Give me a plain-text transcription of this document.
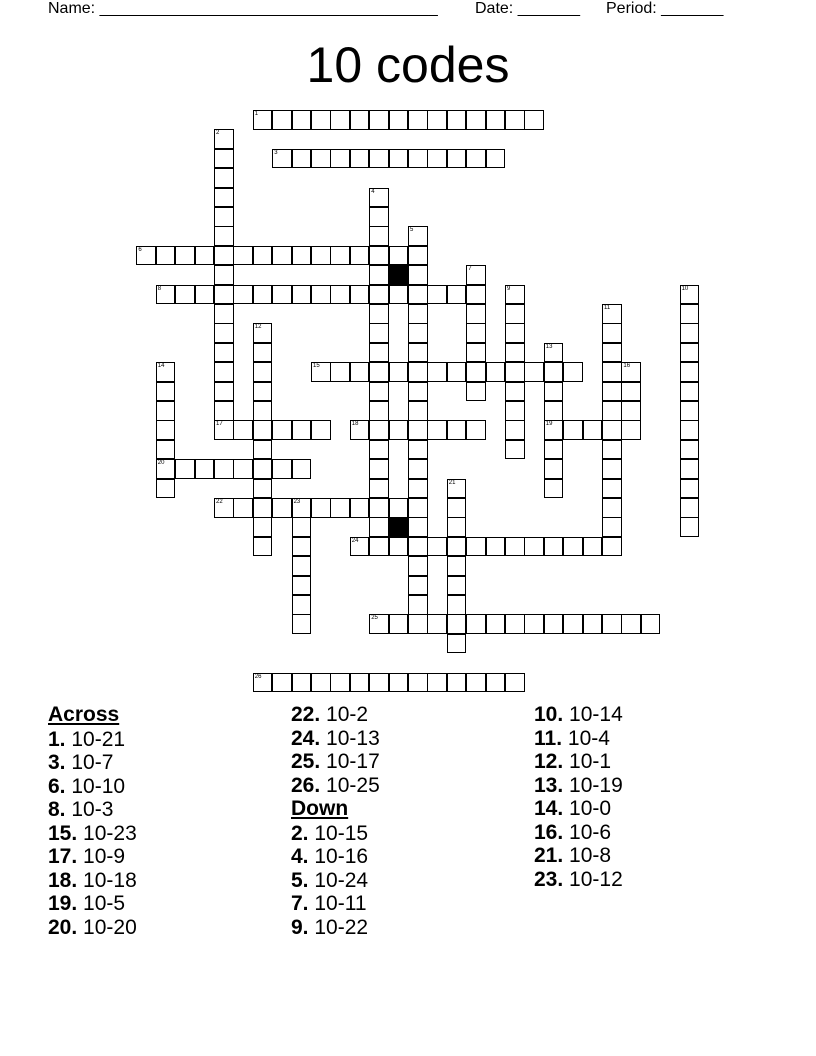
Name: ______________________________________

Date: _______

Period: _______

10 codes
1
3
6
8
15
17	18	19
20
22	23
24
25
26
2
4
5
7
9	10
11
12
13
14	16
21
Across
1. 10-21
3. 10-7
6. 10-10
8. 10-3
15. 10-23
17. 10-9
18. 10-18
19. 10-5
20. 10-20
22. 10-2
24. 10-13
25. 10-17
26. 10-25
Down
2. 10-15
4. 10-16
5. 10-24
7. 10-11
9. 10-22
10. 10-14
11. 10-4
12. 10-1
13. 10-19
14. 10-0
16. 10-6
21. 10-8
23. 10-12
